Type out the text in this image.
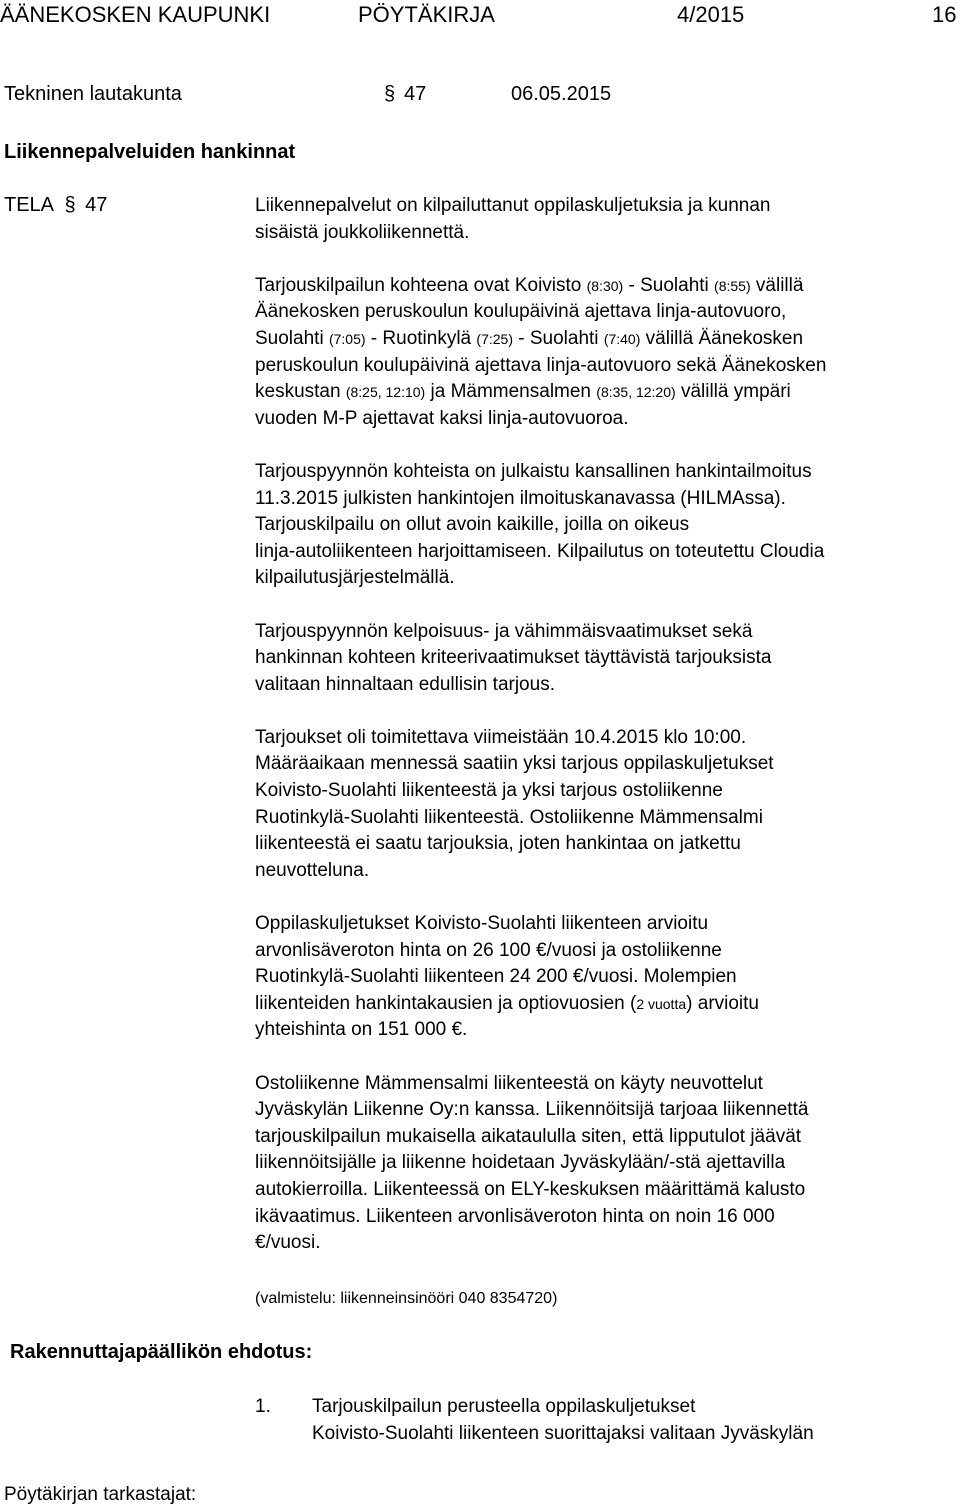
ÄÄNEKOSKEN KAUPUNKI	PÖYTÄKIRJA	4/2015	16
Tekninen lautakunta	§ 47	06.05.2015
Liikennepalveluiden hankinnat
TELA § 47	Liikennepalvelut on kilpailuttanut oppilaskuljetuksia ja kunnan
sisäistä joukkoliikennettä.

Tarjouskilpailun kohteena ovat Koivisto (8:30) - Suolahti (8:55) välillä
Äänekosken peruskoulun koulupäivinä ajettava linja-autovuoro,
Suolahti (7:05) - Ruotinkylä (7:25) - Suolahti (7:40) välillä Äänekosken
peruskoulun koulupäivinä ajettava linja-autovuoro sekä Äänekosken
keskustan (8:25, 12:10) ja Mämmensalmen (8:35, 12:20) välillä ympäri
vuoden M-P ajettavat kaksi linja-autovuoroa.

Tarjouspyynnön kohteista on julkaistu kansallinen hankintailmoitus
11.3.2015 julkisten hankintojen ilmoituskanavassa (HILMAssa).
Tarjouskilpailu on ollut avoin kaikille, joilla on oikeus
linja-autoliikenteen harjoittamiseen. Kilpailutus on toteutettu Cloudia
kilpailutusjärjestelmällä.

Tarjouspyynnön kelpoisuus- ja vähimmäisvaatimukset sekä
hankinnan kohteen kriteerivaatimukset täyttävistä tarjouksista
valitaan hinnaltaan edullisin tarjous.

Tarjoukset oli toimitettava viimeistään 10.4.2015 klo 10:00.
Määräaikaan mennessä saatiin yksi tarjous oppilaskuljetukset
Koivisto-Suolahti liikenteestä ja yksi tarjous ostoliikenne
Ruotinkylä-Suolahti liikenteestä. Ostoliikenne Mämmensalmi
liikenteestä ei saatu tarjouksia, joten hankintaa on jatkettu
neuvotteluna.

Oppilaskuljetukset Koivisto-Suolahti liikenteen arvioitu
arvonlisäveroton hinta on 26 100 €/vuosi ja ostoliikenne
Ruotinkylä-Suolahti liikenteen 24 200 €/vuosi. Molempien
liikenteiden hankintakausien ja optiovuosien (2 vuotta) arvioitu
yhteishinta on 151 000 €.

Ostoliikenne Mämmensalmi liikenteestä on käyty neuvottelut
Jyväskylän Liikenne Oy:n kanssa. Liikennöitsijä tarjoaa liikennettä
tarjouskilpailun mukaisella aikataululla siten, että lipputulot jäävät
liikennöitsijälle ja liikenne hoidetaan Jyväskylään/-stä ajettavilla
autokierroilla. Liikenteessä on ELY-keskuksen määrittämä kalusto
ikävaatimus. Liikenteen arvonlisäveroton hinta on noin 16 000
€/vuosi.

(valmistelu: liikenneinsinööri 040 8354720)
Rakennuttajapäällikön ehdotus:
1. Tarjouskilpailun perusteella oppilaskuljetukset
Koivisto-Suolahti liikenteen suorittajaksi valitaan Jyväskylän
Pöytäkirjan tarkastajat:
